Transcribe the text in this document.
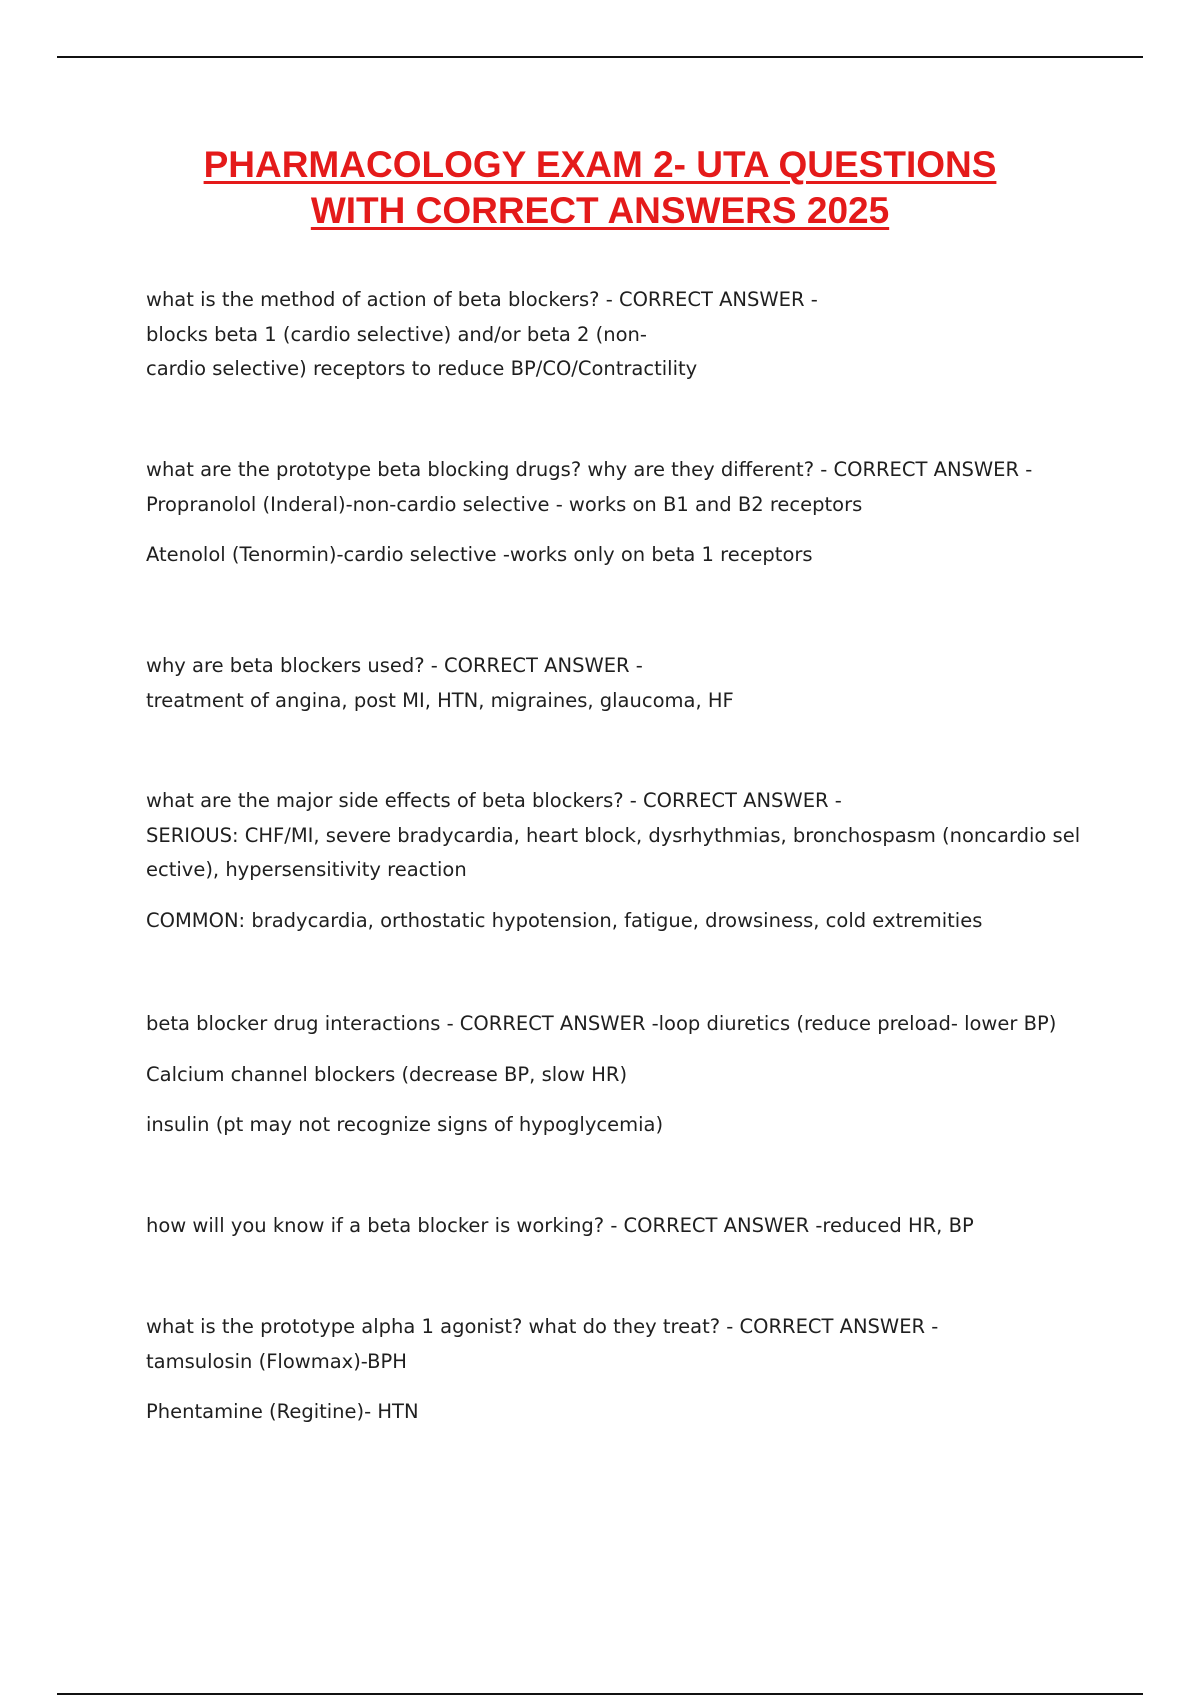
PHARMACOLOGY EXAM 2- UTA QUESTIONS
WITH CORRECT ANSWERS 2025

what is the method of action of beta blockers? - CORRECT ANSWER -
blocks beta 1 (cardio selective) and/or beta 2 (non-
cardio selective) receptors to reduce BP/CO/Contractility

what are the prototype beta blocking drugs? why are they different? - CORRECT ANSWER -
Propranolol (Inderal)-non-cardio selective - works on B1 and B2 receptors

Atenolol (Tenormin)-cardio selective -works only on beta 1 receptors

why are beta blockers used? - CORRECT ANSWER -
treatment of angina, post MI, HTN, migraines, glaucoma, HF

what are the major side effects of beta blockers? - CORRECT ANSWER -
SERIOUS: CHF/MI, severe bradycardia, heart block, dysrhythmias, bronchospasm (noncardio sel
ective), hypersensitivity reaction

COMMON: bradycardia, orthostatic hypotension, fatigue, drowsiness, cold extremities

beta blocker drug interactions - CORRECT ANSWER -loop diuretics (reduce preload- lower BP)

Calcium channel blockers (decrease BP, slow HR)

insulin (pt may not recognize signs of hypoglycemia)

how will you know if a beta blocker is working? - CORRECT ANSWER -reduced HR, BP

what is the prototype alpha 1 agonist? what do they treat? - CORRECT ANSWER -
tamsulosin (Flowmax)-BPH

Phentamine (Regitine)- HTN
